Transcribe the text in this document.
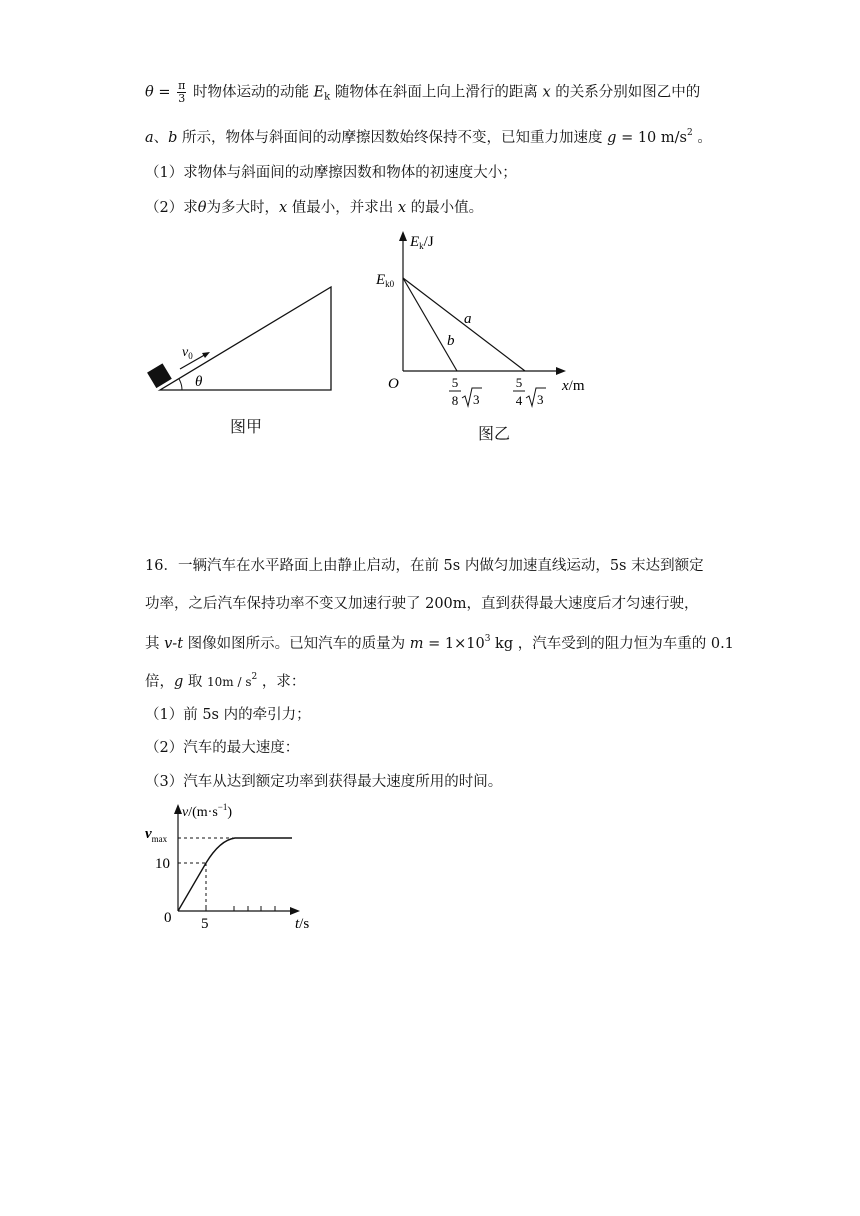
$\theta = \frac{\pi}{3}$ 时物体运动的动能 $E_k$ 随物体在斜面上向上滑行的距离 x 的关系分别如图乙中的
a、b 所示，物体与斜面间的动摩擦因数始终保持不变，已知重力加速度 g = 10 $m/s^2$ 。
（1）求物体与斜面间的动摩擦因数和物体的初速度大小；
（2）求θ为多大时，x 值最小，并求出 x 的最小值。
$v_0$
θ
图甲
$E_k/J$
$E_{k0}$
a
b
O	x/m
5
8 3
5
4 3
图乙
16．一辆汽车在水平路面上由静止启动，在前 5s 内做匀加速直线运动，5s 末达到额定
功率，之后汽车保持功率不变又加速行驶了 200m，直到获得最大速度后才匀速行驶，
其 v-t 图像如图所示。已知汽车的质量为 $m = 1\times 10^3$ kg ，汽车受到的阻力恒为车重的 0.1
倍，g 取 $10m / s^2$ ，求：
（1）前 5s 内的牵引力；
（2）汽车的最大速度：
（3）汽车从达到额定功率到获得最大速度所用的时间。
$v/(m\cdot s^{-1})$
$v_{max}$
10
0 5	t/s
